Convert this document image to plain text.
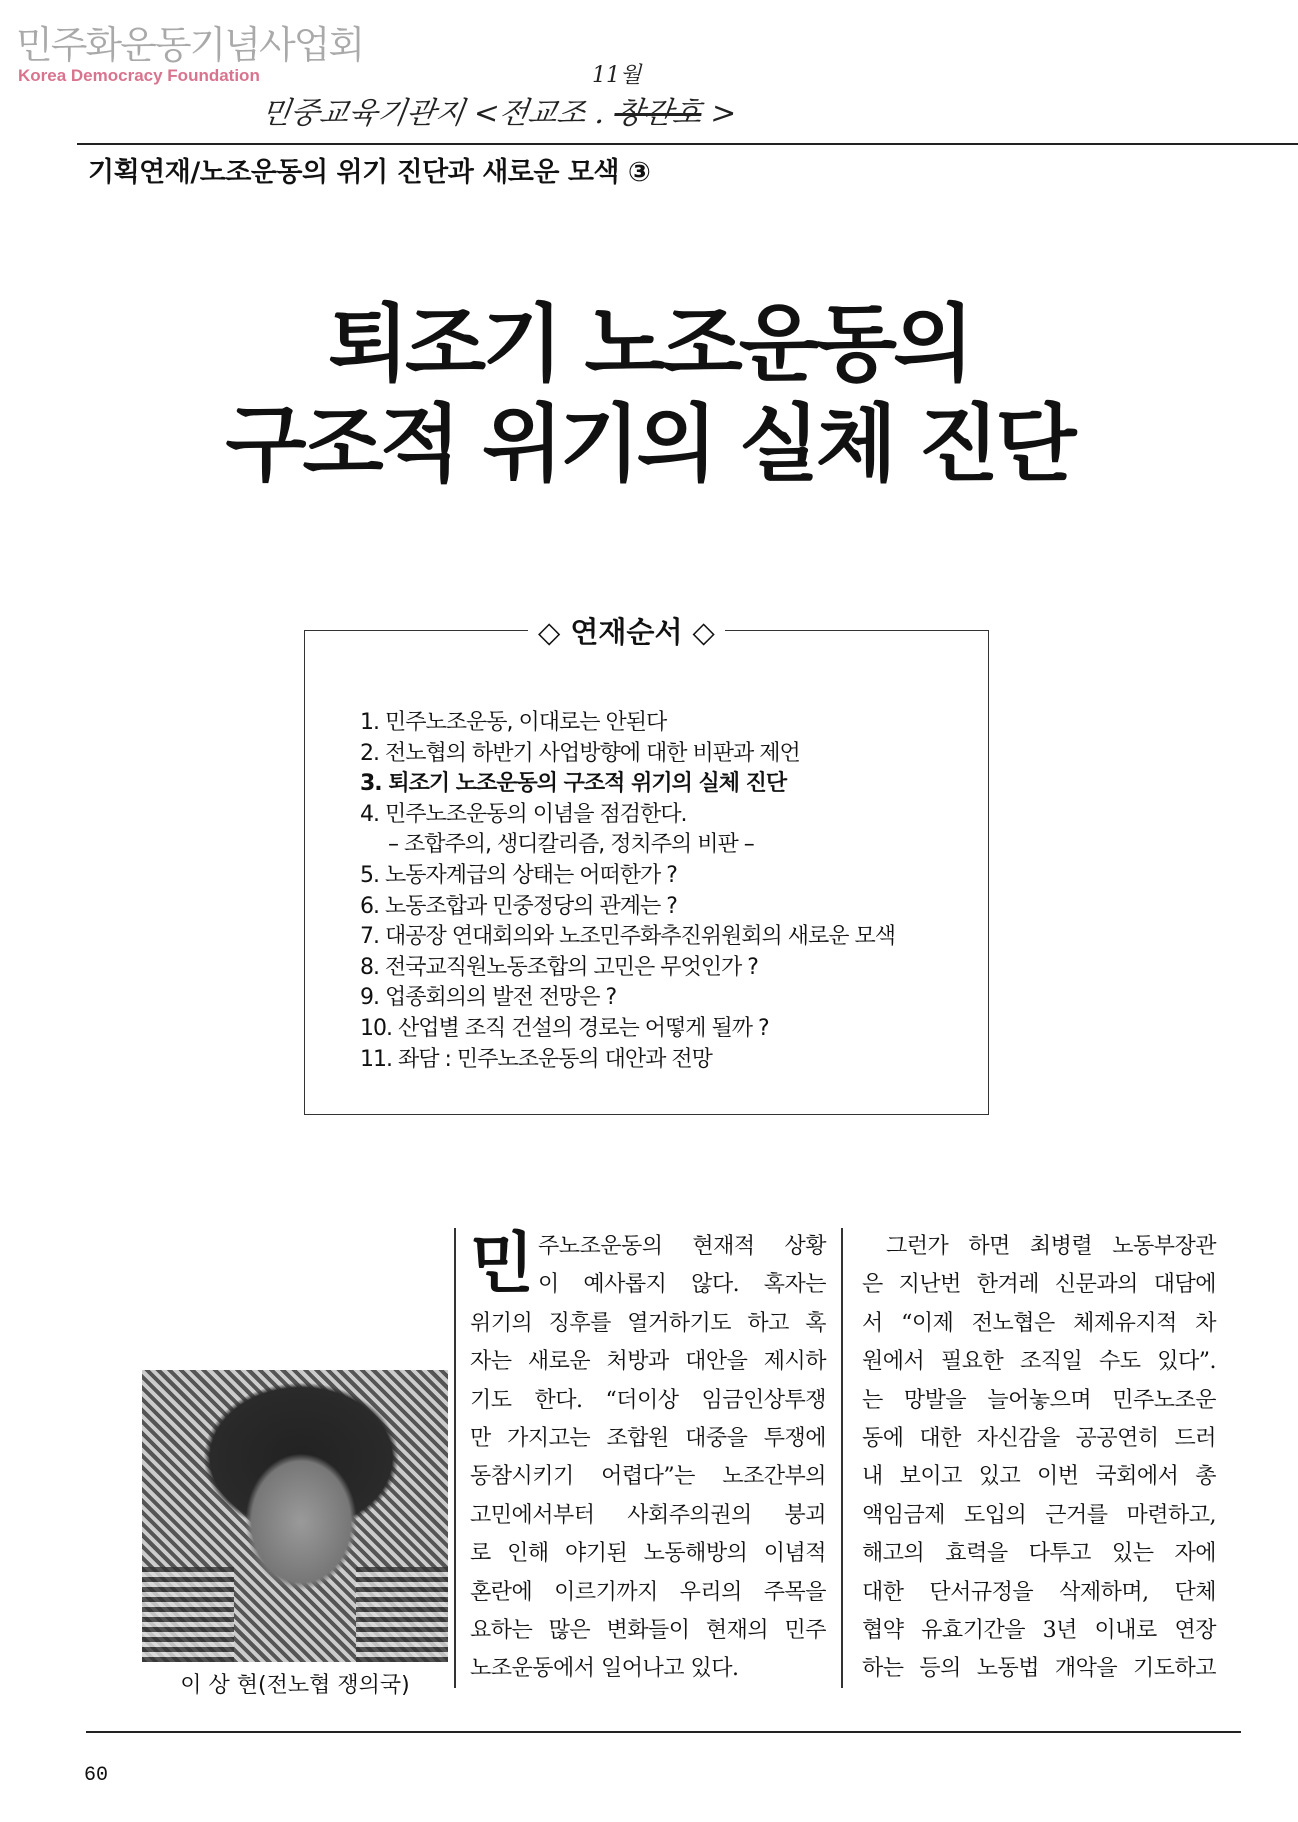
민주화운동기념사업회
Korea Democracy Foundation
민중교육기관지 <전교조 . 창간호 >
11월
기획연재/노조운동의 위기 진단과 새로운 모색 ③
퇴조기 노조운동의
구조적 위기의 실체 진단
◇ 연재순서 ◇
1. 민주노조운동, 이대로는 안된다
2. 전노협의 하반기 사업방향에 대한 비판과 제언
3. 퇴조기 노조운동의 구조적 위기의 실체 진단
4. 민주노조운동의 이념을 점검한다.
– 조합주의, 생디칼리즘, 정치주의 비판 –
5. 노동자계급의 상태는 어떠한가 ?
6. 노동조합과 민중정당의 관계는 ?
7. 대공장 연대회의와 노조민주화추진위원회의 새로운 모색
8. 전국교직원노동조합의 고민은 무엇인가 ?
9. 업종회의의 발전 전망은 ?
10. 산업별 조직 건설의 경로는 어떻게 될까 ?
11. 좌담 : 민주노조운동의 대안과 전망
이 상 현(전노협 쟁의국)
민 주노조운동의 현재적 상황
이 예사롭지 않다. 혹자는
위기의 징후를 열거하기도 하고 혹
자는 새로운 처방과 대안을 제시하
기도 한다. “더이상 임금인상투쟁
만 가지고는 조합원 대중을 투쟁에
동참시키기 어렵다”는 노조간부의
고민에서부터 사회주의권의 붕괴
로 인해 야기된 노동해방의 이념적
혼란에 이르기까지 우리의 주목을
요하는 많은 변화들이 현재의 민주
노조운동에서 일어나고 있다.
그런가 하면 최병렬 노동부장관
은 지난번 한겨레 신문과의 대담에
서 “이제 전노협은 체제유지적 차
원에서 필요한 조직일 수도 있다”.
는 망발을 늘어놓으며 민주노조운
동에 대한 자신감을 공공연히 드러
내 보이고 있고 이번 국회에서 총
액임금제 도입의 근거를 마련하고,
해고의 효력을 다투고 있는 자에
대한 단서규정을 삭제하며, 단체
협약 유효기간을 3년 이내로 연장
하는 등의 노동법 개악을 기도하고
60
